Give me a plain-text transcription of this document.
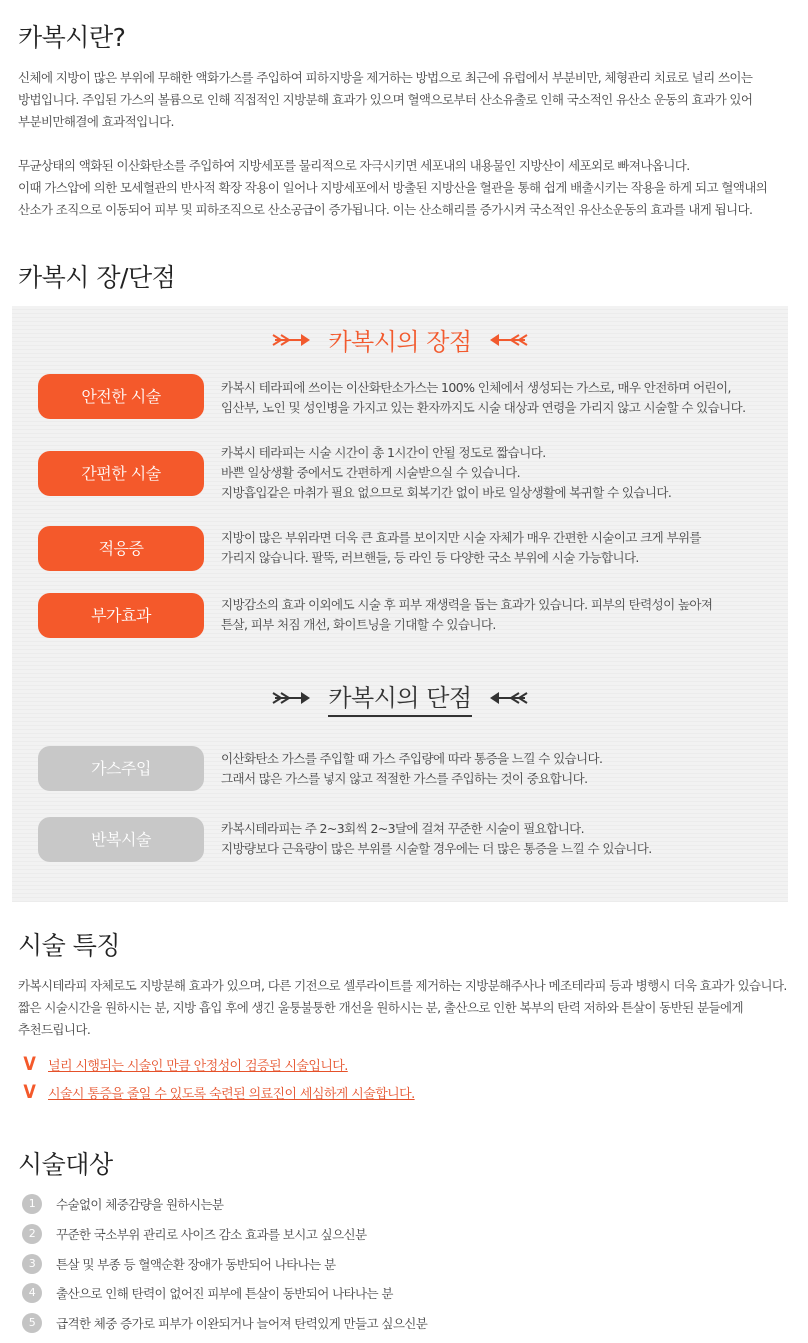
카복시란?
신체에 지방이 많은 부위에 무해한 액화가스를 주입하여 피하지방을 제거하는 방법으로 최근에 유럽에서 부분비만, 체형관리 치료로 널리 쓰이는
방법입니다. 주입된 가스의 볼륨으로 인해 직접적인 지방분해 효과가 있으며 혈액으로부터 산소유출로 인해 국소적인 유산소 운동의 효과가 있어
부분비만해결에 효과적입니다.
무균상태의 액화된 이산화탄소를 주입하여 지방세포를 물리적으로 자극시키면 세포내의 내용물인 지방산이 세포외로 빠져나옵니다.
이때 가스압에 의한 모세혈관의 반사적 확장 작용이 일어나 지방세포에서 방출된 지방산을 혈관을 통해 쉽게 배출시키는 작용을 하게 되고 혈액내의
산소가 조직으로 이동되어 피부 및 피하조직으로 산소공급이 증가됩니다. 이는 산소해리를 증가시켜 국소적인 유산소운동의 효과를 내게 됩니다.
카복시 장/단점
카복시의 장점
안전한 시술	카복시 테라피에 쓰이는 이산화탄소가스는 100% 인체에서 생성되는 가스로, 매우 안전하며 어린이,
임산부, 노인 및 성인병을 가지고 있는 환자까지도 시술 대상과 연령을 가리지 않고 시술할 수 있습니다.
간편한 시술
카복시 테라피는 시술 시간이 총 1시간이 안될 정도로 짧습니다.
바쁜 일상생활 중에서도 간편하게 시술받으실 수 있습니다.
지방흡입같은 마취가 필요 없으므로 회복기간 없이 바로 일상생활에 복귀할 수 있습니다.
적응증
지방이 많은 부위라면 더욱 큰 효과를 보이지만 시술 자체가 매우 간편한 시술이고 크게 부위를
가리지 않습니다. 팔뚝, 러브핸들, 등 라인 등 다양한 국소 부위에 시술 가능합니다.
부가효과
지방감소의 효과 이외에도 시술 후 피부 재생력을 돕는 효과가 있습니다. 피부의 탄력성이 높아져
튼살, 피부 처짐 개선, 화이트닝을 기대할 수 있습니다.
카복시의 단점
가스주입
이산화탄소 가스를 주입할 때 가스 주입량에 따라 통증을 느낄 수 있습니다.
그래서 많은 가스를 넣지 않고 적절한 가스를 주입하는 것이 중요합니다.
반복시술
카복시테라피는 주 2~3회씩 2~3달에 걸쳐 꾸준한 시술이 필요합니다.
지방량보다 근육량이 많은 부위를 시술할 경우에는 더 많은 통증을 느낄 수 있습니다.
시술 특징
카복시테라피 자체로도 지방분해 효과가 있으며, 다른 기전으로 셀루라이트를 제거하는 지방분해주사나 메조테라피 등과 병행시 더욱 효과가 있습니다.
짧은 시술시간을 원하시는 분, 지방 흡입 후에 생긴 울퉁불퉁한 개선을 원하시는 분, 출산으로 인한 복부의 탄력 저하와 튼살이 동반된 분들에게
추천드립니다.
V 널리 시행되는 시술인 만큼 안정성이 검증된 시술입니다.
V 시술시 통증을 줄일 수 있도록 숙련된 의료진이 세심하게 시술합니다.
시술대상
1 수술없이 체중감량을 원하시는분
2 꾸준한 국소부위 관리로 사이즈 감소 효과를 보시고 싶으신분
3 튼살 및 부종 등 혈액순환 장애가 동반되어 나타나는 분
4 출산으로 인해 탄력이 없어진 피부에 튼살이 동반되어 나타나는 분
5 급격한 체중 증가로 피부가 이완되거나 늘어져 탄력있게 만들고 싶으신분
